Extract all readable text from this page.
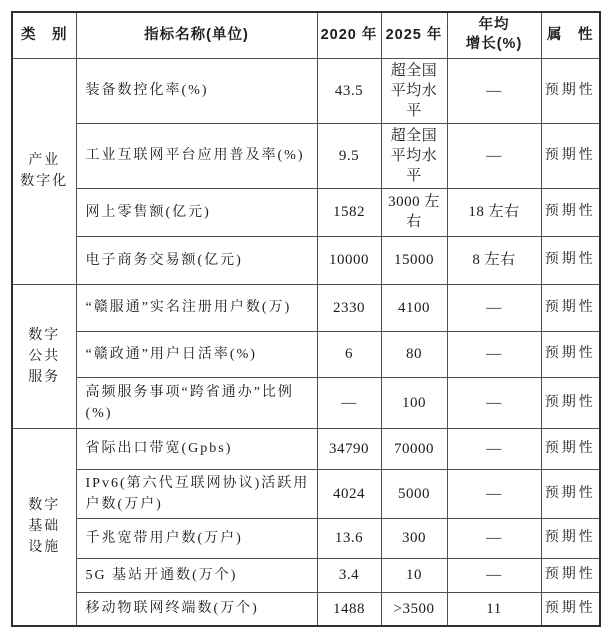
类　别	指标名称(单位)	2020 年	2025 年	年均
增长(%)	属　性

产业
数字化	装备数控化率(%)	43.5	超全国平均水平	—	预期性
	工业互联网平台应用普及率(%)	9.5	超全国平均水平	—	预期性
	网上零售额(亿元)	1582	3000 左右	18 左右	预期性
	电子商务交易额(亿元)	10000	15000	8 左右	预期性

数字
公共
服务	“赣服通”实名注册用户数(万)	2330	4100	—	预期性
	“赣政通”用户日活率(%)	6	80	—	预期性
	高频服务事项“跨省通办”比例(%)	—	100	—	预期性

数字
基础
设施	省际出口带宽(Gpbs)	34790	70000	—	预期性
	IPv6(第六代互联网协议)活跃用户数(万户)	4024	5000	—	预期性
	千兆宽带用户数(万户)	13.6	300	—	预期性
	5G 基站开通数(万个)	3.4	10	—	预期性
	移动物联网终端数(万个)	1488	>3500	11	预期性
